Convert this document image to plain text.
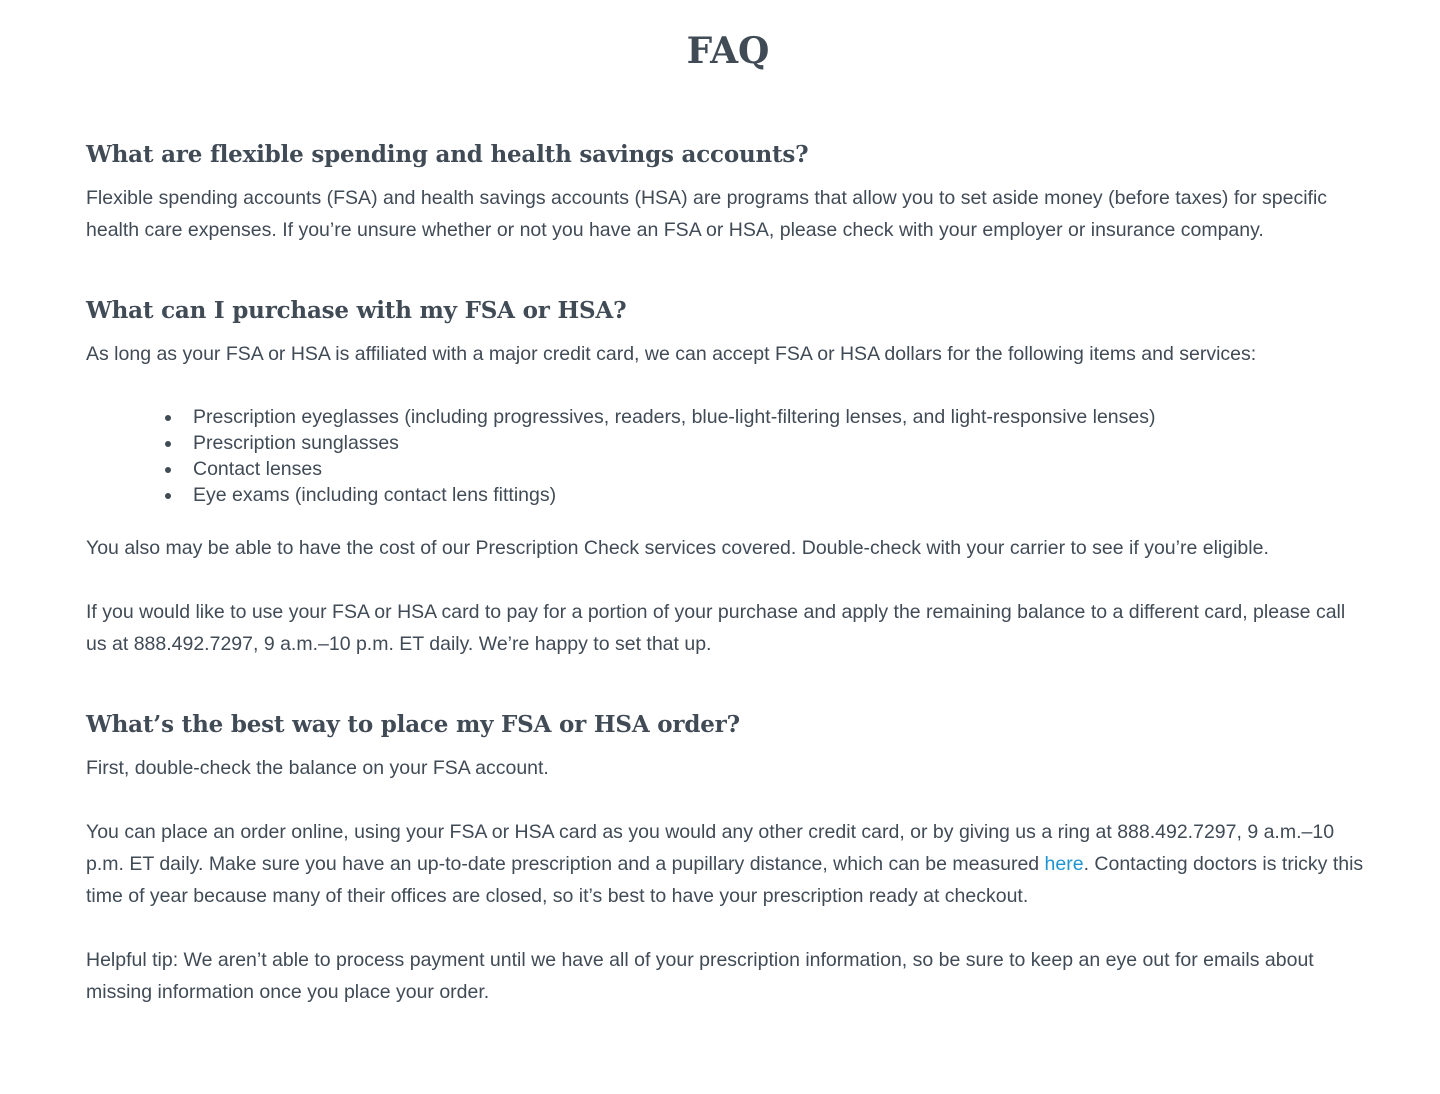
FAQ
What are flexible spending and health savings accounts?

Flexible spending accounts (FSA) and health savings accounts (HSA) are programs that allow you to set aside money (before taxes) for specific health care expenses. If you’re unsure whether or not you have an FSA or HSA, please check with your employer or insurance company.

What can I purchase with my FSA or HSA?

As long as your FSA or HSA is affiliated with a major credit card, we can accept FSA or HSA dollars for the following items and services:

Prescription eyeglasses (including progressives, readers, blue-light-filtering lenses, and light-responsive lenses)
Prescription sunglasses
Contact lenses
Eye exams (including contact lens fittings)

You also may be able to have the cost of our Prescription Check services covered. Double-check with your carrier to see if you’re eligible.

If you would like to use your FSA or HSA card to pay for a portion of your purchase and apply the remaining balance to a different card, please call us at 888.492.7297, 9 a.m.–10 p.m. ET daily. We’re happy to set that up.

What’s the best way to place my FSA or HSA order?

First, double-check the balance on your FSA account.

You can place an order online, using your FSA or HSA card as you would any other credit card, or by giving us a ring at 888.492.7297, 9 a.m.–10 p.m. ET daily. Make sure you have an up-to-date prescription and a pupillary distance, which can be measured here. Contacting doctors is tricky this time of year because many of their offices are closed, so it’s best to have your prescription ready at checkout.

Helpful tip: We aren’t able to process payment until we have all of your prescription information, so be sure to keep an eye out for emails about missing information once you place your order.
